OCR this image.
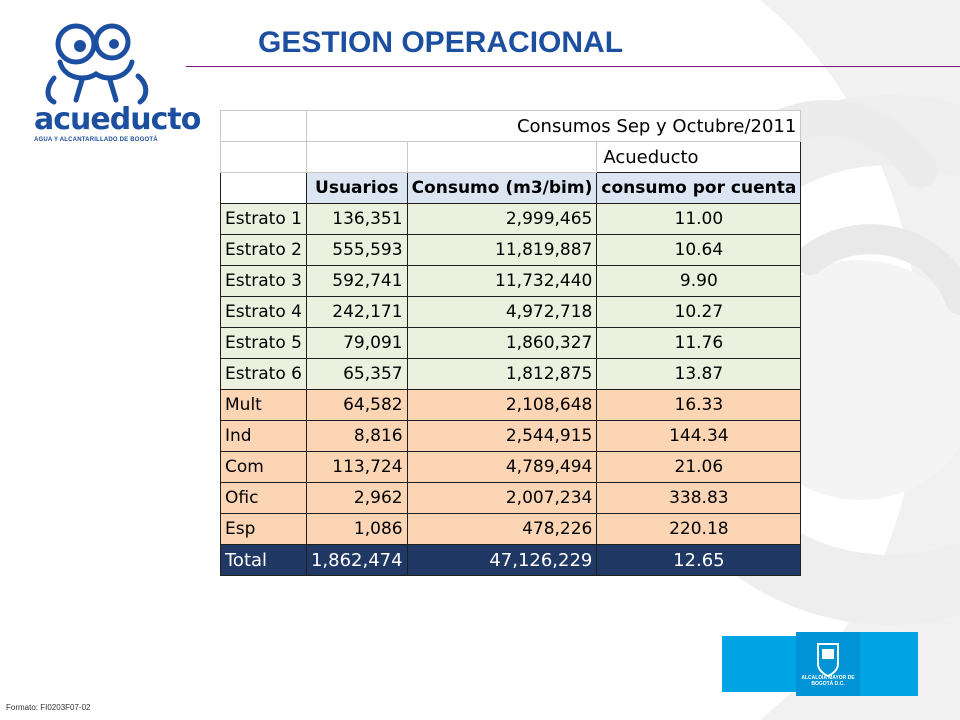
acueducto
AGUA Y ALCANTARILLADO DE BOGOTÁ
GESTION OPERACIONAL
	Consumos Sep y Octubre/2011		
			Acueducto
	Usuarios	Consumo (m3/bim)	consumo por cuenta
Estrato 1	136,351	2,999,465	11.00
Estrato 2	555,593	11,819,887	10.64
Estrato 3	592,741	11,732,440	9.90
Estrato 4	242,171	4,972,718	10.27
Estrato 5	79,091	1,860,327	11.76
Estrato 6	65,357	1,812,875	13.87
Mult	64,582	2,108,648	16.33
Ind	8,816	2,544,915	144.34
Com	113,724	4,789,494	21.06
Ofic	2,962	2,007,234	338.83
Esp	1,086	478,226	220.18
Total	1,862,474	47,126,229	12.65
ALCALDÍA MAYOR DE BOGOTÁ D.C.
Formato: FI0203F07-02
